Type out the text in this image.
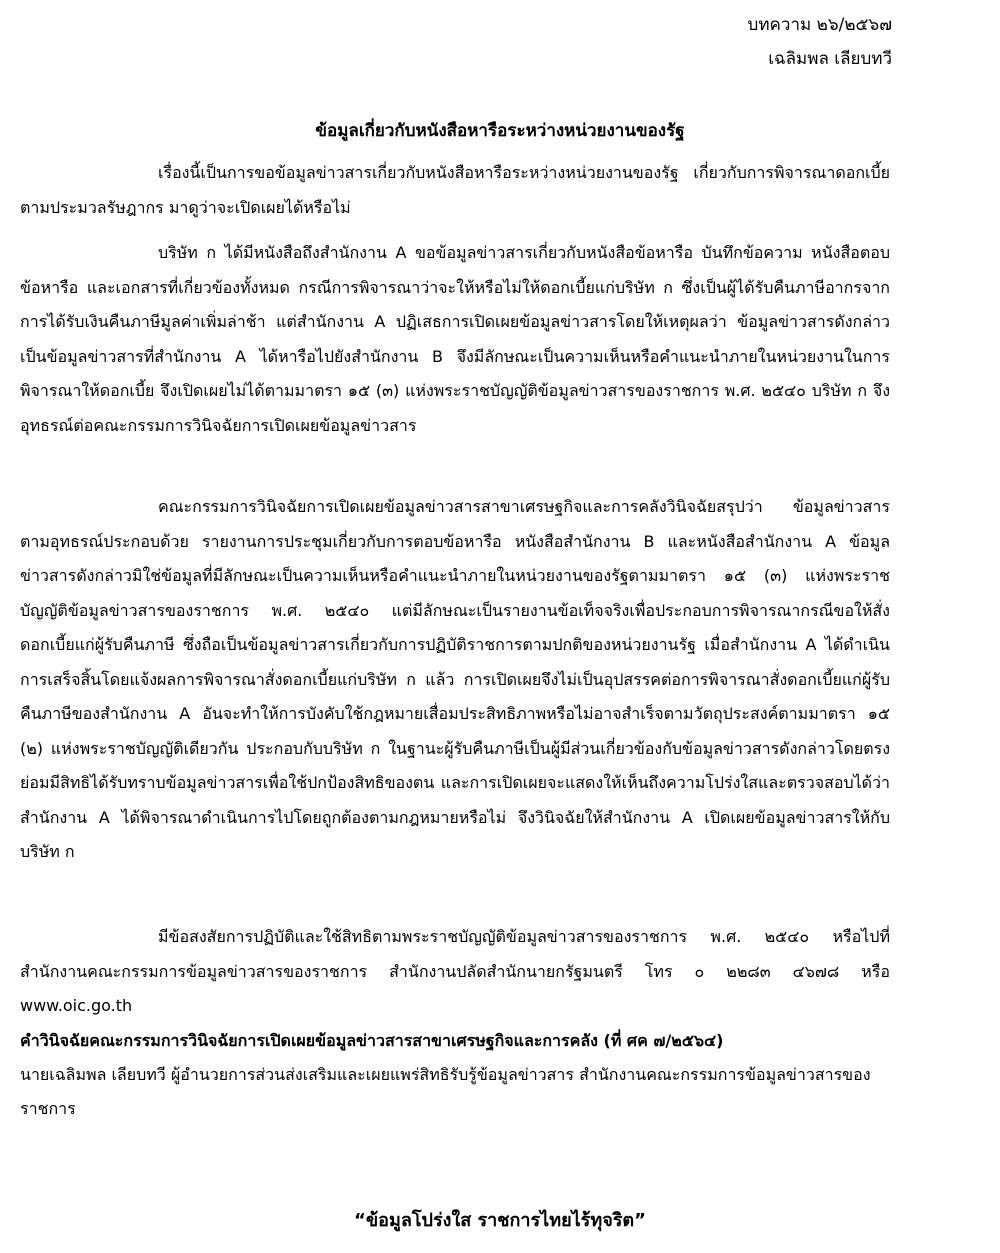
บทความ ๒๖/๒๕๖๗
เฉลิมพล เลียบทวี
ข้อมูลเกี่ยวกับหนังสือหารือระหว่างหน่วยงานของรัฐ

เรื่องนี้เป็นการขอข้อมูลข่าวสารเกี่ยวกับหนังสือหารือระหว่างหน่วยงานของรัฐ เกี่ยวกับการพิจารณาดอกเบี้ยตามประมวลรัษฎากร มาดูว่าจะเปิดเผยได้หรือไม่

บริษัท ก ได้มีหนังสือถึงสำนักงาน A ขอข้อมูลข่าวสารเกี่ยวกับหนังสือข้อหารือ บันทึกข้อความ หนังสือตอบข้อหารือ และเอกสารที่เกี่ยวข้องทั้งหมด กรณีการพิจารณาว่าจะให้หรือไม่ให้ดอกเบี้ยแก่บริษัท ก ซึ่งเป็นผู้ได้รับคืนภาษีอากรจากการได้รับเงินคืนภาษีมูลค่าเพิ่มล่าช้า แต่สำนักงาน A ปฏิเสธการเปิดเผยข้อมูลข่าวสารโดยให้เหตุผลว่า ข้อมูลข่าวสารดังกล่าวเป็นข้อมูลข่าวสารที่สำนักงาน A ได้หารือไปยังสำนักงาน B จึงมีลักษณะเป็นความเห็นหรือคำแนะนำภายในหน่วยงานในการพิจารณาให้ดอกเบี้ย จึงเปิดเผยไม่ได้ตามมาตรา ๑๕ (๓) แห่งพระราชบัญญัติข้อมูลข่าวสารของราชการ พ.ศ. ๒๕๔๐ บริษัท ก จึงอุทธรณ์ต่อคณะกรรมการวินิจฉัยการเปิดเผยข้อมูลข่าวสาร

คณะกรรมการวินิจฉัยการเปิดเผยข้อมูลข่าวสารสาขาเศรษฐกิจและการคลังวินิจฉัยสรุปว่า ข้อมูลข่าวสารตามอุทธรณ์ประกอบด้วย รายงานการประชุมเกี่ยวกับการตอบข้อหารือ หนังสือสำนักงาน B และหนังสือสำนักงาน A ข้อมูลข่าวสารดังกล่าวมิใช่ข้อมูลที่มีลักษณะเป็นความเห็นหรือคำแนะนำภายในหน่วยงานของรัฐตามมาตรา ๑๕ (๓) แห่งพระราชบัญญัติข้อมูลข่าวสารของราชการ พ.ศ. ๒๕๔๐ แต่มีลักษณะเป็นรายงานข้อเท็จจริงเพื่อประกอบการพิจารณากรณีขอให้สั่งดอกเบี้ยแก่ผู้รับคืนภาษี ซึ่งถือเป็นข้อมูลข่าวสารเกี่ยวกับการปฏิบัติราชการตามปกติของหน่วยงานรัฐ เมื่อสำนักงาน A ได้ดำเนินการเสร็จสิ้นโดยแจ้งผลการพิจารณาสั่งดอกเบี้ยแก่บริษัท ก แล้ว การเปิดเผยจึงไม่เป็นอุปสรรคต่อการพิจารณาสั่งดอกเบี้ยแก่ผู้รับคืนภาษีของสำนักงาน A อันจะทำให้การบังคับใช้กฎหมายเสื่อมประสิทธิภาพหรือไม่อาจสำเร็จตามวัตถุประสงค์ตามมาตรา ๑๕ (๒) แห่งพระราชบัญญัติเดียวกัน ประกอบกับบริษัท ก ในฐานะผู้รับคืนภาษีเป็นผู้มีส่วนเกี่ยวข้องกับข้อมูลข่าวสารดังกล่าวโดยตรง ย่อมมีสิทธิได้รับทราบข้อมูลข่าวสารเพื่อใช้ปกป้องสิทธิของตน และการเปิดเผยจะแสดงให้เห็นถึงความโปร่งใสและตรวจสอบได้ว่า สำนักงาน A ได้พิจารณาดำเนินการไปโดยถูกต้องตามกฎหมายหรือไม่ จึงวินิจฉัยให้สำนักงาน A เปิดเผยข้อมูลข่าวสารให้กับบริษัท ก

มีข้อสงสัยการปฏิบัติและใช้สิทธิตามพระราชบัญญัติข้อมูลข่าวสารของราชการ พ.ศ. ๒๕๔๐ หรือไปที่สำนักงานคณะกรรมการข้อมูลข่าวสารของราชการ สำนักงานปลัดสำนักนายกรัฐมนตรี โทร ๐ ๒๒๘๓ ๔๖๗๘ หรือ www.oic.go.th

คำวินิจฉัยคณะกรรมการวินิจฉัยการเปิดเผยข้อมูลข่าวสารสาขาเศรษฐกิจและการคลัง (ที่ ศค ๗/๒๕๖๔)
นายเฉลิมพล เลียบทวี ผู้อำนวยการส่วนส่งเสริมและเผยแพร่สิทธิรับรู้ข้อมูลข่าวสาร สำนักงานคณะกรรมการข้อมูลข่าวสารของราชการ
“ข้อมูลโปร่งใส ราชการไทยไร้ทุจริต”
